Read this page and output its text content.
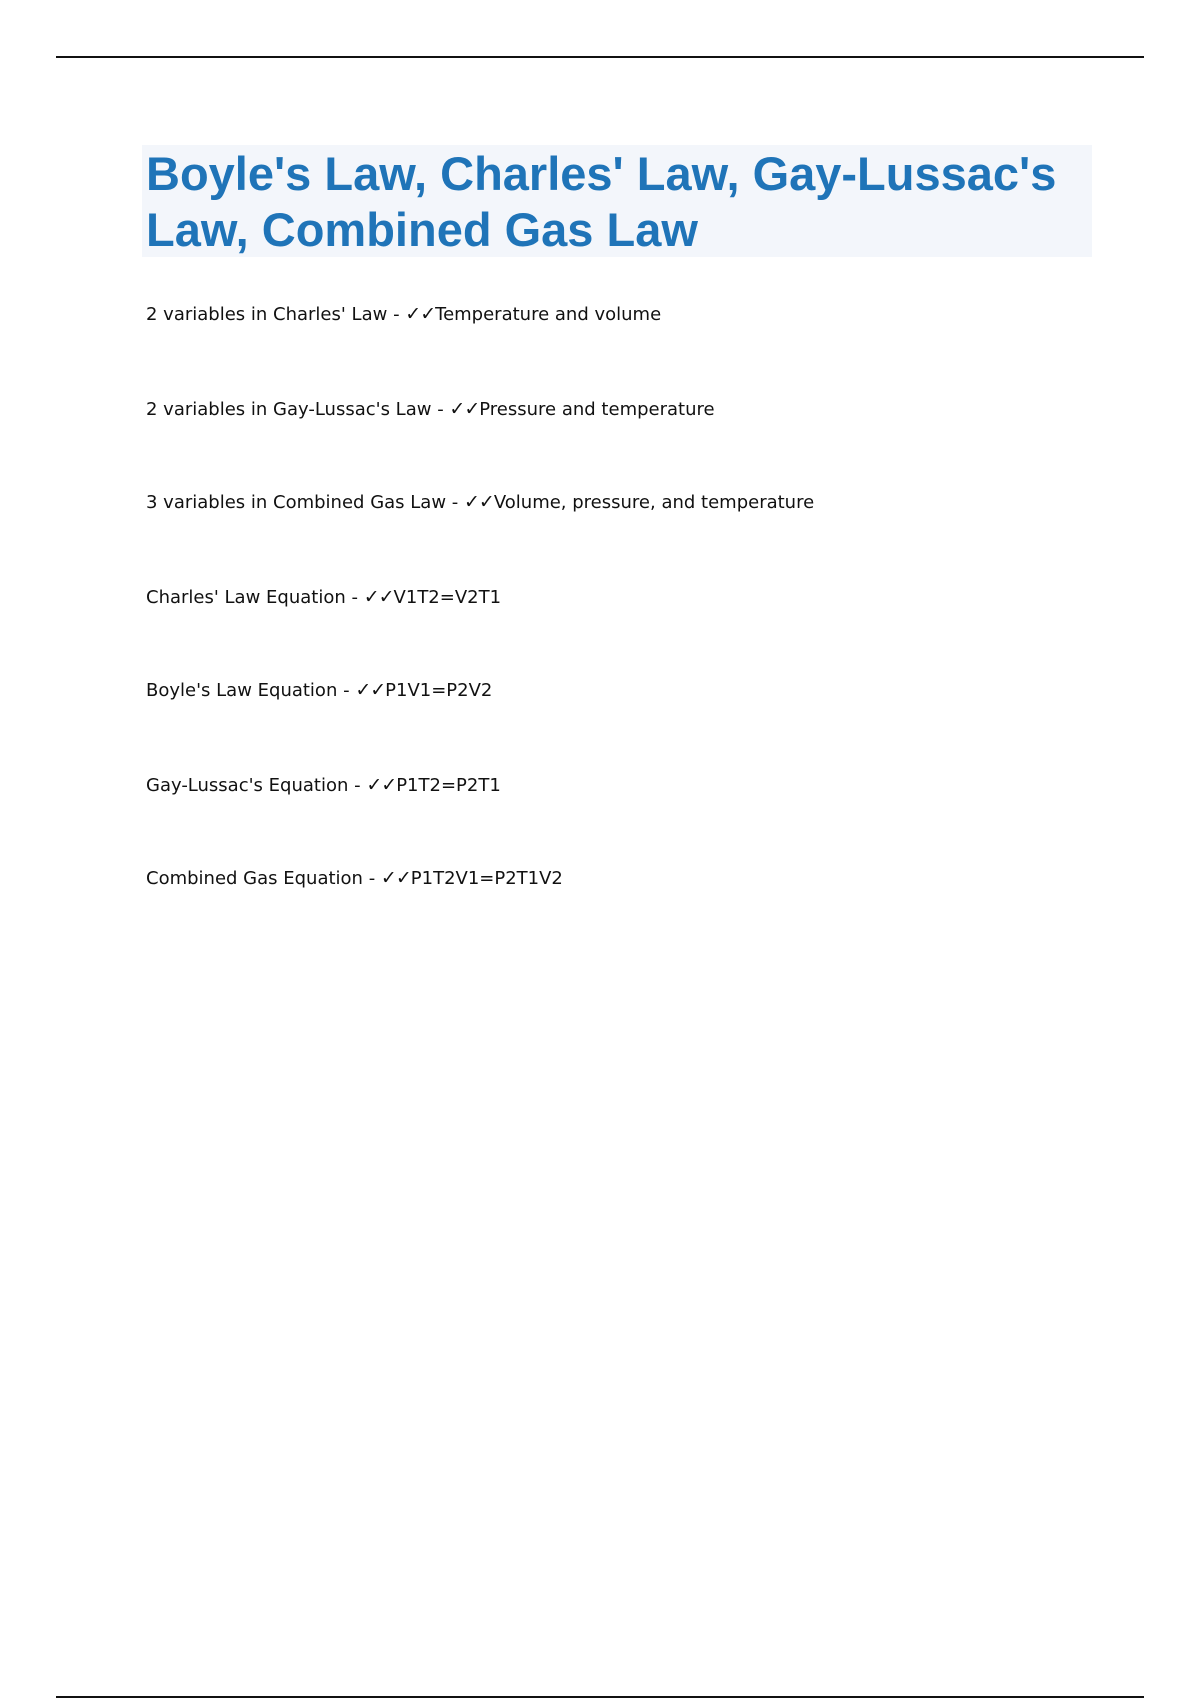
Boyle's Law, Charles' Law, Gay-Lussac's Law, Combined Gas Law
2 variables in Charles' Law - ✓✓Temperature and volume
2 variables in Gay-Lussac's Law - ✓✓Pressure and temperature
3 variables in Combined Gas Law - ✓✓Volume, pressure, and temperature
Charles' Law Equation - ✓✓V1T2=V2T1
Boyle's Law Equation - ✓✓P1V1=P2V2
Gay-Lussac's Equation - ✓✓P1T2=P2T1
Combined Gas Equation - ✓✓P1T2V1=P2T1V2
